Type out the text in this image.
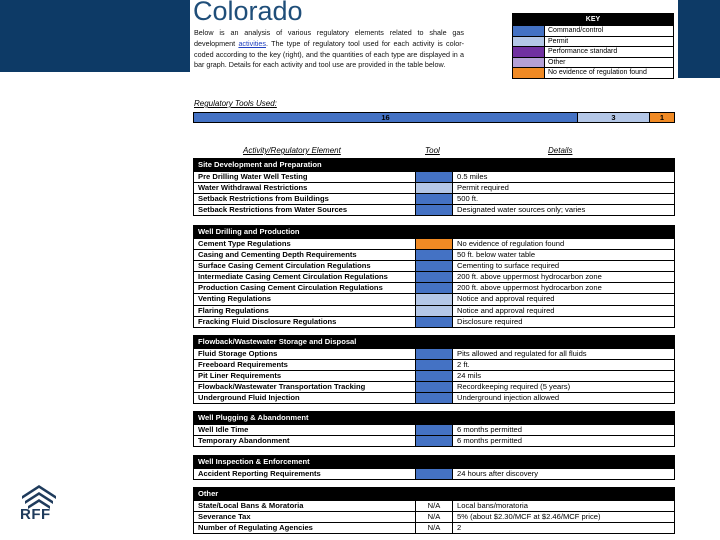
Colorado
Below is an analysis of various regulatory elements related to shale gas development activities. The type of regulatory tool used for each activity is color-coded according to the key (right), and the quantities of each type are displayed in a bar graph. Details for each activity and tool use are provided in the table below.
KEY
Command/control
Permit
Performance standard
Other
No evidence of regulation found
Regulatory Tools Used:
16	3	1
Activity/Regulatory Element	Tool	Details
Site Development and Preparation
Pre Drilling Water Well Testing	0.5 miles
Water Withdrawal Restrictions	Permit required
Setback Restrictions from Buildings	500 ft.
Setback Restrictions from Water Sources	Designated water sources only; varies
Well Drilling and Production
Cement Type Regulations	No evidence of regulation found
Casing and Cementing Depth Requirements	50 ft. below water table
Surface Casing Cement Circulation Regulations	Cementing to surface required
Intermediate Casing Cement Circulation Regulations	200 ft. above uppermost hydrocarbon zone
Production Casing Cement Circulation Regulations	200 ft. above uppermost hydrocarbon zone
Venting Regulations	Notice and approval required
Flaring Regulations	Notice and approval required
Fracking Fluid Disclosure Regulations	Disclosure required
Flowback/Wastewater Storage and Disposal
Fluid Storage Options	Pits allowed and regulated for all fluids
Freeboard Requirements	2 ft.
Pit Liner Requirements	24 mils
Flowback/Wastewater Transportation Tracking	Recordkeeping required (5 years)
Underground Fluid Injection	Underground injection allowed
Well Plugging & Abandonment
Well Idle Time	6 months permitted
Temporary Abandonment	6 months permitted
Well Inspection & Enforcement
Accident Reporting Requirements	24 hours after discovery
Other
State/Local Bans & Moratoria	N/A	Local bans/moratoria
Severance Tax	N/A	5% (about $2.30/MCF at $2.46/MCF price)
Number of Regulating Agencies	N/A	2
RFF
